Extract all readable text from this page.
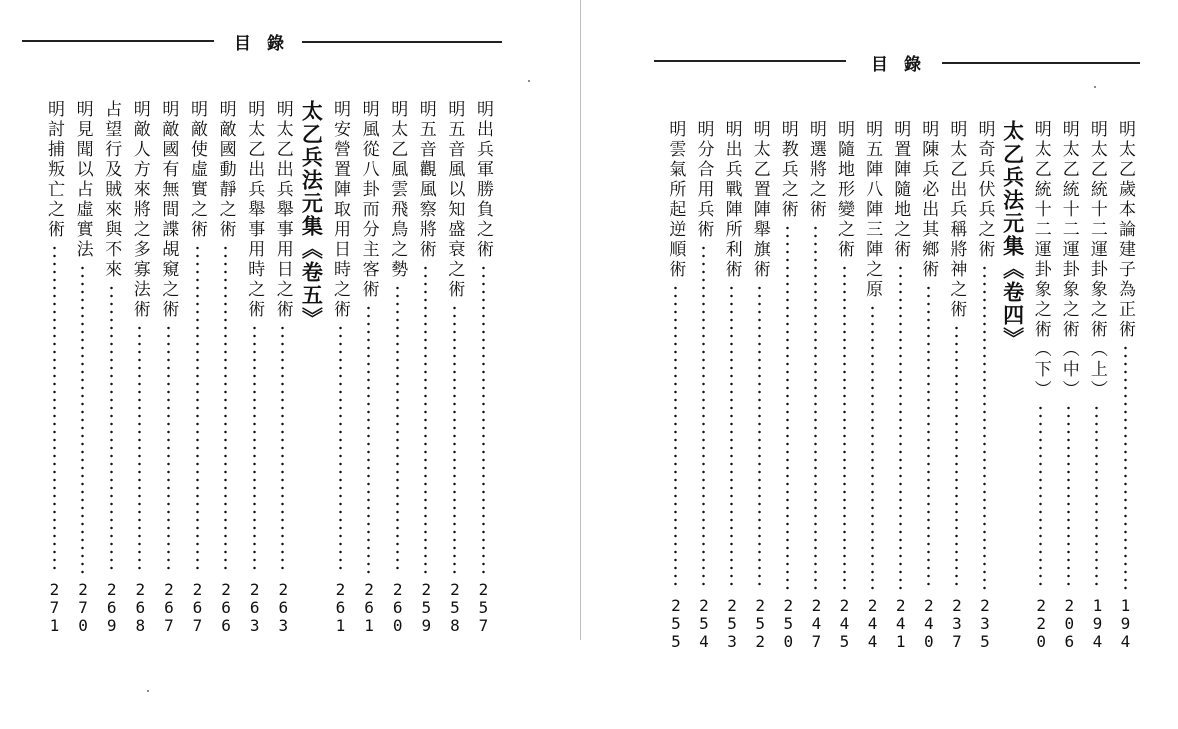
目錄
明出兵軍勝負之術
257
明五音風以知盛衰之術
258
明五音觀風察將術
259
明太乙風雲飛鳥之勢
260
明風從八卦而分主客術
261
明安營置陣取用日時之術
261
太乙兵法元集《卷五》
明太乙出兵舉事用日之術
263
明太乙出兵舉事用時之術
263
明敵國動靜之術
266
明敵使虛實之術
267
明敵國有無間諜覘窺之術
267
明敵人方來將之多寡法術
268
占望行及賊來與不來
269
明見聞以占虛實法
270
明討捕叛亡之術
271
目錄
明太乙歲本論建子為正術
194
明太乙統十二運卦象之術（上）
194
明太乙統十二運卦象之術（中）
206
明太乙統十二運卦象之術（下）
220
太乙兵法元集《卷四》
明奇兵伏兵之術
235
明太乙出兵稱將神之術
237
明陳兵必出其鄉術
240
明置陣隨地之術
241
明五陣八陣三陣之原
244
明隨地形變之術
245
明選將之術
247
明教兵之術
250
明太乙置陣舉旗術
252
明出兵戰陣所利術
253
明分合用兵術
254
明雲氣所起逆順術
255
